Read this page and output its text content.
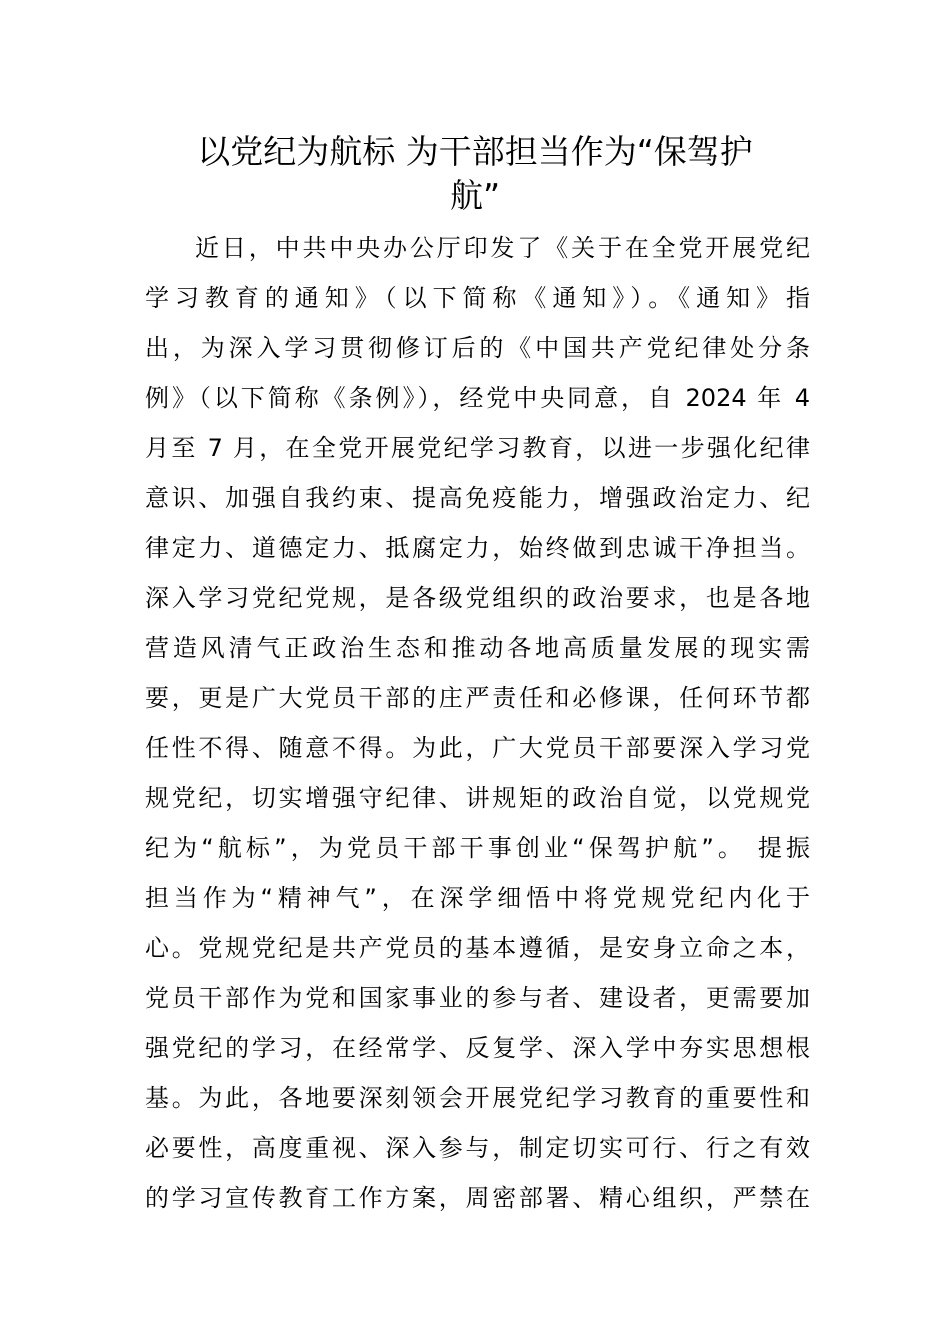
以党纪为航标 为干部担当作为“保驾护
航”
近日，中共中央办公厅印发了《关于在全党开展党纪
学习教育的通知》（以下简称《通知》）。《通知》指
出，为深入学习贯彻修订后的《中国共产党纪律处分条
例》（以下简称《条例》），经党中央同意，自 2024 年 4
月至 7 月，在全党开展党纪学习教育，以进一步强化纪律
意识、加强自我约束、提高免疫能力，增强政治定力、纪
律定力、道德定力、抵腐定力，始终做到忠诚干净担当。
深入学习党纪党规，是各级党组织的政治要求，也是各地
营造风清气正政治生态和推动各地高质量发展的现实需
要，更是广大党员干部的庄严责任和必修课，任何环节都
任性不得、随意不得。为此，广大党员干部要深入学习党
规党纪，切实增强守纪律、讲规矩的政治自觉，以党规党
纪为“航标”，为党员干部干事创业“保驾护航”。 提振
担当作为“精神气”，在深学细悟中将党规党纪内化于
心。党规党纪是共产党员的基本遵循，是安身立命之本，
党员干部作为党和国家事业的参与者、建设者，更需要加
强党纪的学习，在经常学、反复学、深入学中夯实思想根
基。为此，各地要深刻领会开展党纪学习教育的重要性和
必要性，高度重视、深入参与，制定切实可行、行之有效
的学习宣传教育工作方案，周密部署、精心组织，严禁在
